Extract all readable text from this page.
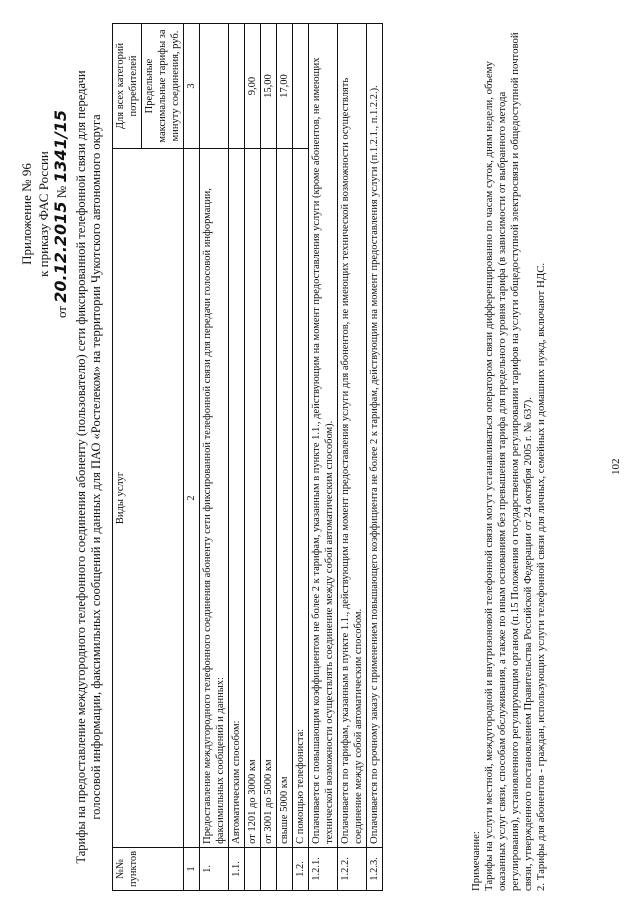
Приложение № 96 к приказу ФАС России
от 20.12.2015 № 1341/15 Тарифы на предоставление междугородного телефонного соединения абоненту (пользователю) сети фиксированной телефонной связи для передачи голосовой информации, факсимильных сообщений и данных для ПАО «Ростелеком» на территории Чукотского автономного округа
№№ пунктов	Виды услуг	Для всех категорий потребителей
		Предельные максимальные тарифы за минуту соединения, руб.
1	2	3
1.	Предоставление междугородного телефонного соединения абоненту сети фиксированной телефонной связи для передачи голосовой информации, факсимильных сообщений и данных:	
1.1.	Автоматическим способом:	
	от 1201 до 3000 км	9,00
	от 3001 до 5000 км	15,00
	свыше 5000 км	17,00
1.2.	С помощью телефониста:	
1.2.1.	Оплачивается с повышающим коэффициентом не более 2 к тарифам, указанным в пункте 1.1., действующим на момент предоставления услуги (кроме абонентов, не имеющих технической возможности осуществлять соединение между собой автоматическим способом).	
1.2.2.	Оплачивается по тарифам, указанным в пункте 1.1., действующим на момент предоставления услуги для абонентов, не имеющих технической возможности осуществлять соединение между собой автоматическим способом.	
1.2.3.	Оплачивается по срочному заказу с применением повышающего коэффициента не более 2 к тарифам, действующим на момент предоставления услуги (п.1.2.1., п.1.2.2.).	
Примечание: Тарифы на услуги местной, междугородной и внутризоновой телефонной связи могут устанавливаться оператором связи дифференцированно по часам суток, дням недели, объему оказанных услуг связи, способам обслуживания, а также по иным основаниям без превышения тарифа для предельного уровня тарифа (в зависимости от выбранного метода регулирования), установленного регулирующим органом (п.15 Положения о государственном регулировании тарифов на услуги общедоступной электросвязи и общедоступной почтовой связи, утвержденного постановлением Правительства Российской Федерации от 24 октября 2005 г. № 637). 2. Тарифы для абонентов - граждан, использующих услуги телефонной связи для личных, семейных и домашних нужд, включают НДС.	102
